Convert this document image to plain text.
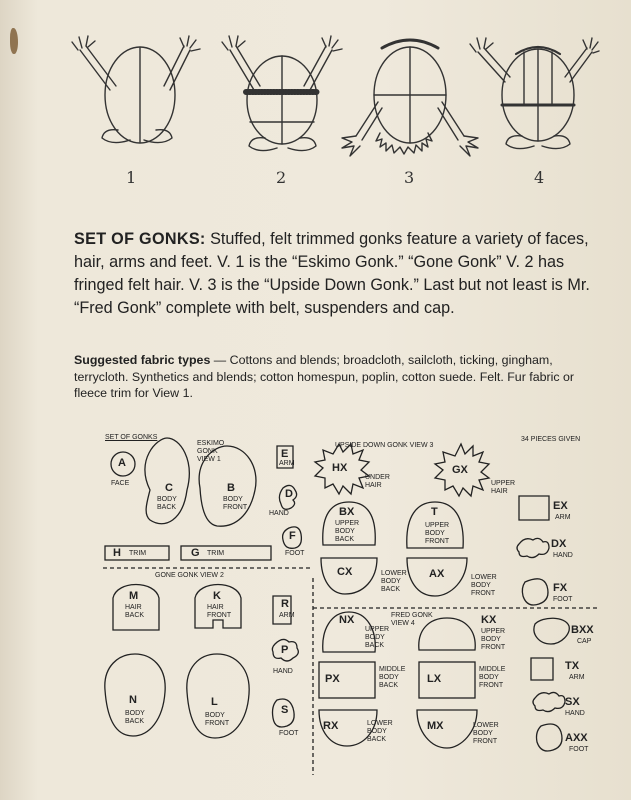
1	2	3	4
SET OF GONKS: Stuffed, felt trimmed gonks feature a variety of faces, hair, arms and feet. V. 1 is the “Eskimo Gonk.” “Gone Gonk” V. 2 has fringed felt hair. V. 3 is the “Upside Down Gonk.” Last but not least is Mr. “Fred Gonk” complete with belt, suspenders and cap.
Suggested fabric types — Cottons and blends; broadcloth, sailcloth, ticking, gingham, terrycloth. Synthetics and blends; cotton homespun, poplin, cotton suede. Felt. Fur fabric or fleece trim for View 1.
SET OF GONKS
ESKIMO GONK VIEW 1
UPSIDE DOWN GONK VIEW 3
GONE GONK VIEW 2
FRED GONK VIEW 4
34 PIECES GIVEN
A
FACE	C
BODY BACK
B
BODY FRONT
E
ARM
D
HAND
F
FOOT
HX
UNDER HAIR
GX
UPPER HAIR
BX
UPPER BODY BACK
T
UPPER BODY FRONT
EX
ARM
DX
HAND
H TRIM	G TRIM
CX	LOWER BODY BACK
AX	LOWER BODY FRONT	FX
FOOT
M
HAIR BACK
K
HAIR FRONT
R
ARM	NX
UPPER BODY BACK
KX
UPPER BODY FRONT
BXX
CAP
P
HAND
PX
MIDDLE BODY BACK
LX
MIDDLE BODY FRONT
TX
ARM
N
BODY BACK
L
BODY FRONT
SX
HAND
S
FOOT
RX	LOWER BODY BACK
MX	LOWER BODY FRONT	AXX
FOOT
